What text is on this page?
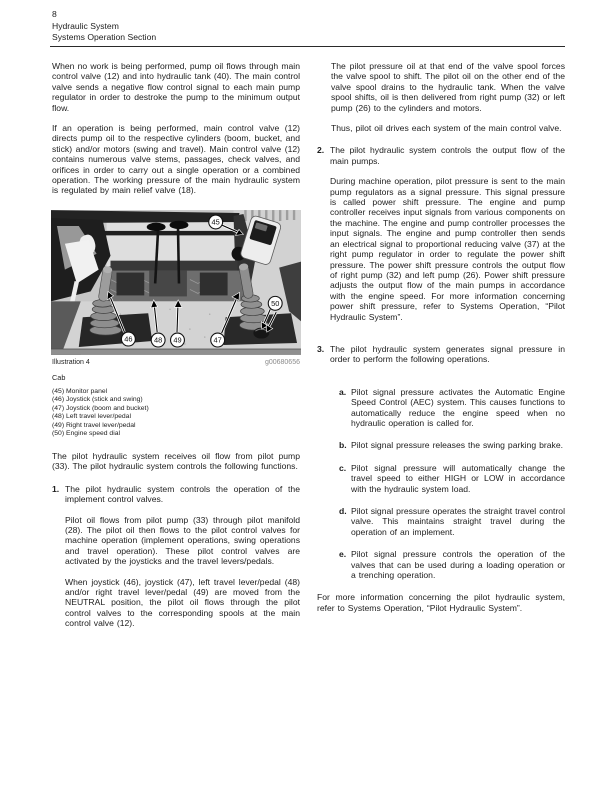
8
Hydraulic System
Systems Operation Section

When no work is being performed, pump oil flows through main control valve (12) and into hydraulic tank (40). The main control valve sends a negative flow control signal to each main pump regulator in order to destroke the pump to the minimum output flow.

If an operation is being performed, main control valve (12) directs pump oil to the respective cylinders (boom, bucket, and stick) and/or motors (swing and travel). Main control valve (12) contains numerous valve stems, passages, check valves, and orifices in order to carry out a single operation or a combined operation. The working pressure of the main hydraulic system is regulated by main relief valve (18).

45
46	48 49	47
50
Illustration 4	g00680656
Cab
(45) Monitor panel
(46) Joystick (stick and swing)
(47) Joystick (boom and bucket)
(48) Left travel lever/pedal
(49) Right travel lever/pedal
(50) Engine speed dial

The pilot hydraulic system receives oil flow from pilot pump (33). The pilot hydraulic system controls the following functions.

1. The pilot hydraulic system controls the operation of the implement control valves.

Pilot oil flows from pilot pump (33) through pilot manifold (28). The pilot oil then flows to the pilot control valves for machine operation (implement operations, swing operations and travel operation). These pilot control valves are activated by the joysticks and the travel levers/pedals.

When joystick (46), joystick (47), left travel lever/pedal (48) and/or right travel lever/pedal (49) are moved from the NEUTRAL position, the pilot oil flows through the pilot control valves to the corresponding spools at the main control valve (12).

The pilot pressure oil at that end of the valve spool forces the valve spool to shift. The pilot oil on the other end of the valve spool drains to the hydraulic tank. When the valve spool shifts, oil is then delivered from right pump (32) or left pump (26) to the cylinders and motors.

Thus, pilot oil drives each system of the main control valve.

2. The pilot hydraulic system controls the output flow of the main pumps.

During machine operation, pilot pressure is sent to the main pump regulators as a signal pressure. This signal pressure is called power shift pressure. The engine and pump controller receives input signals from various components on the machine. The engine and pump controller processes the input signals. The engine and pump controller then sends an electrical signal to proportional reducing valve (37) at the right pump regulator in order to regulate the power shift pressure. The power shift pressure controls the output flow of right pump (32) and left pump (26). Power shift pressure adjusts the output flow of the main pumps in accordance with the engine speed. For more information concerning power shift pressure, refer to Systems Operation, “Pilot Hydraulic System”.

3. The pilot hydraulic system generates signal pressure in order to perform the following operations.

a. Pilot signal pressure activates the Automatic Engine Speed Control (AEC) system. This causes functions to automatically reduce the engine speed when no hydraulic operation is called for.
b. Pilot signal pressure releases the swing parking brake.
c. Pilot signal pressure will automatically change the travel speed to either HIGH or LOW in accordance with the hydraulic system load.
d. Pilot signal pressure operates the straight travel control valve. This maintains straight travel during the operation of an implement.
e. Pilot signal pressure controls the operation of the valves that can be used during a loading operation or a trenching operation.

For more information concerning the pilot hydraulic system, refer to Systems Operation, “Pilot Hydraulic System”.
